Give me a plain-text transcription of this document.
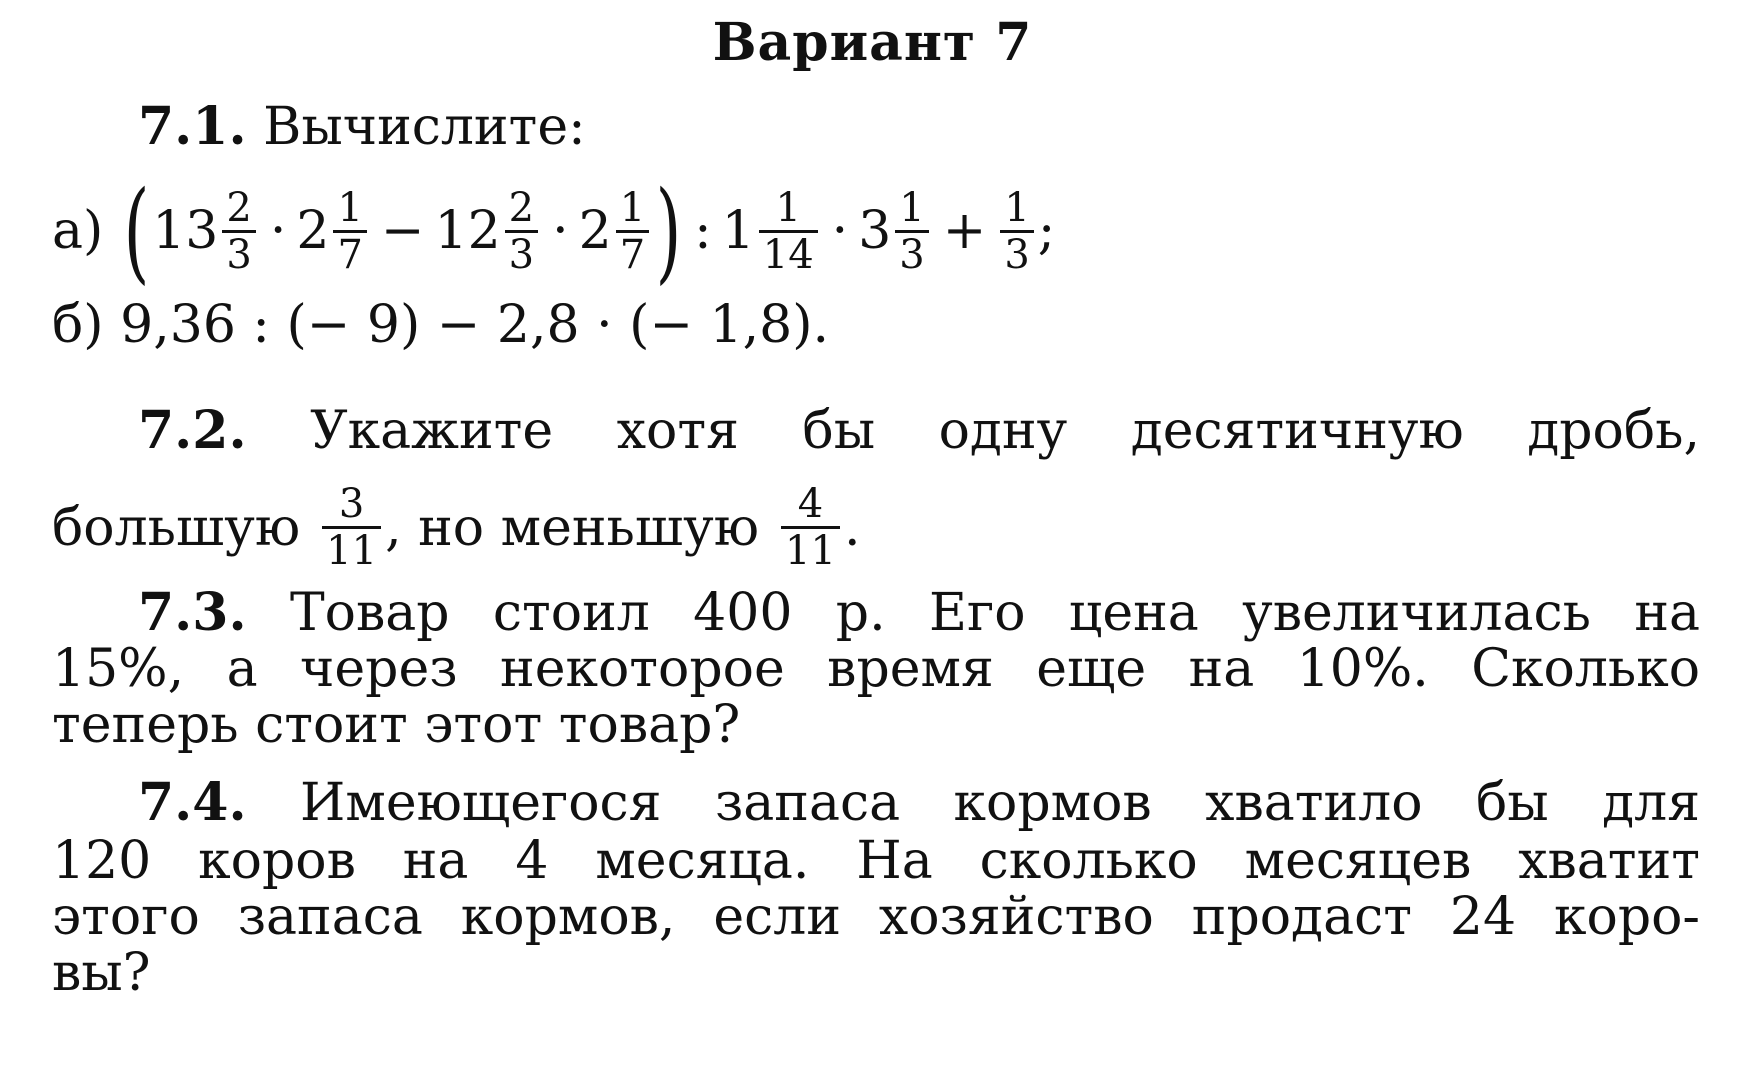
Вариант 7
7.1. Вычислите:
а) ( $13 \frac{2}{3} \cdot 2 \frac{1}{7} - 12 \frac{2}{3} \cdot 2 \frac{1}{7}$ ) : $1 \frac{1}{14} \cdot 3 \frac{1}{3} + \frac{1}{3}$ ;
б) 9,36 : (− 9) − 2,8 · (− 1,8).
7.2. Укажите хотя бы одну десятичную дробь,
большую $\frac{3}{11}$ , но меньшую $\frac{4}{11}$ .
7.3. Товар стоил 400 р. Его цена увеличилась на
15%, а через некоторое время еще на 10%. Сколько
теперь стоит этот товар?
7.4. Имеющегося запаса кормов хватило бы для
120 коров на 4 месяца. На сколько месяцев хватит
этого запаса кормов, если хозяйство продаст 24 коро-
вы?
